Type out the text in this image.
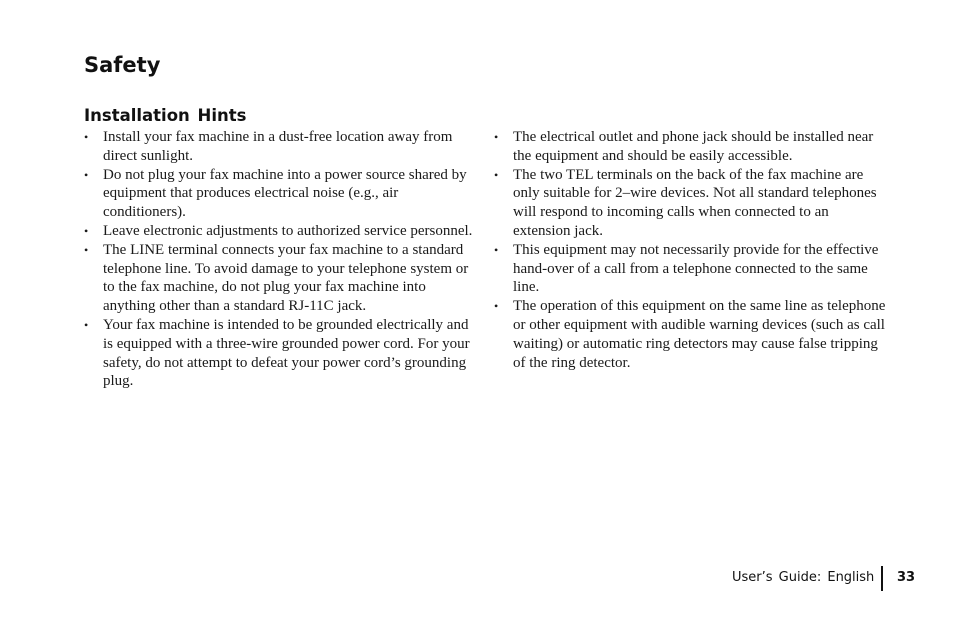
Safety
Installation Hints
• Install your fax machine in a dust-free location away from direct sunlight.
• Do not plug your fax machine into a power source shared by equipment that produces electrical noise (e.g., air conditioners).
• Leave electronic adjustments to authorized service personnel.
• The LINE terminal connects your fax machine to a standard telephone line. To avoid damage to your telephone system or to the fax machine, do not plug your fax machine into anything other than a standard RJ-11C jack.
• Your fax machine is intended to be grounded electrically and is equipped with a three-wire grounded power cord. For your safety, do not attempt to defeat your power cord’s grounding plug.
• The electrical outlet and phone jack should be installed near the equipment and should be easily accessible.
• The two TEL terminals on the back of the fax machine are only suitable for 2–wire devices. Not all standard telephones will respond to incoming calls when connected to an extension jack.
• This equipment may not necessarily provide for the effective hand-over of a call from a telephone connected to the same line.
• The operation of this equipment on the same line as telephone or other equipment with audible warning devices (such as call waiting) or automatic ring detectors may cause false tripping of the ring detector.
User’s Guide: English 33
